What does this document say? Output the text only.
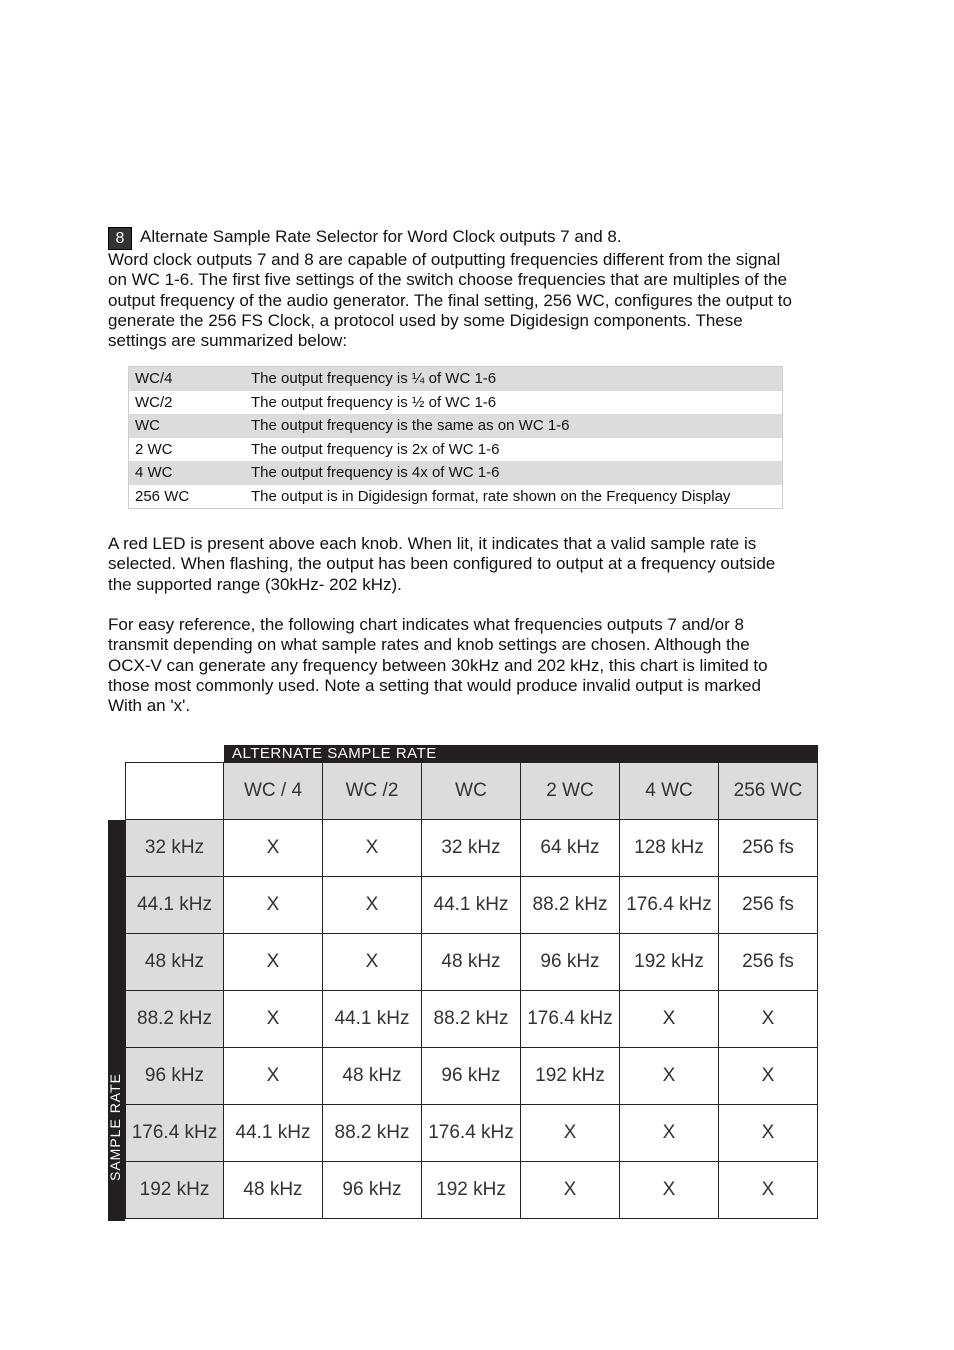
8 Alternate Sample Rate Selector for Word Clock outputs 7 and 8.

Word clock outputs 7 and 8 are capable of outputting frequencies different from the signal

on WC 1-6. The first five settings of the switch choose frequencies that are multiples of the

output frequency of the audio generator. The final setting, 256 WC, configures the output to

generate the 256 FS Clock, a protocol used by some Digidesign components. These

settings are summarized below:

WC/4	The output frequency is ¼ of WC 1-6
WC/2	The output frequency is ½ of WC 1-6
WC	The output frequency is the same as on WC 1-6
2 WC	The output frequency is 2x of WC 1-6
4 WC	The output frequency is 4x of WC 1-6
256 WC	The output is in Digidesign format, rate shown on the Frequency Display

A red LED is present above each knob. When lit, it indicates that a valid sample rate is

selected. When flashing, the output has been configured to output at a frequency outside

the supported range (30kHz- 202 kHz).

For easy reference, the following chart indicates what frequencies outputs 7 and/or 8

transmit depending on what sample rates and knob settings are chosen. Although the

OCX-V can generate any frequency between 30kHz and 202 kHz, this chart is limited to

those most commonly used. Note a setting that would produce invalid output is marked

With an 'x'.

ALTERNATE SAMPLE RATE
SAMPLE RATE
	WC / 4	WC /2	WC	2 WC	4 WC	256 WC
32 kHz	X	X	32 kHz	64 kHz	128 kHz	256 fs
44.1 kHz	X	X	44.1 kHz	88.2 kHz	176.4 kHz	256 fs
48 kHz	X	X	48 kHz	96 kHz	192 kHz	256 fs
88.2 kHz	X	44.1 kHz	88.2 kHz	176.4 kHz	X	X
96 kHz	X	48 kHz	96 kHz	192 kHz	X	X
176.4 kHz	44.1 kHz	88.2 kHz	176.4 kHz	X	X	X
192 kHz	48 kHz	96 kHz	192 kHz	X	X	X
